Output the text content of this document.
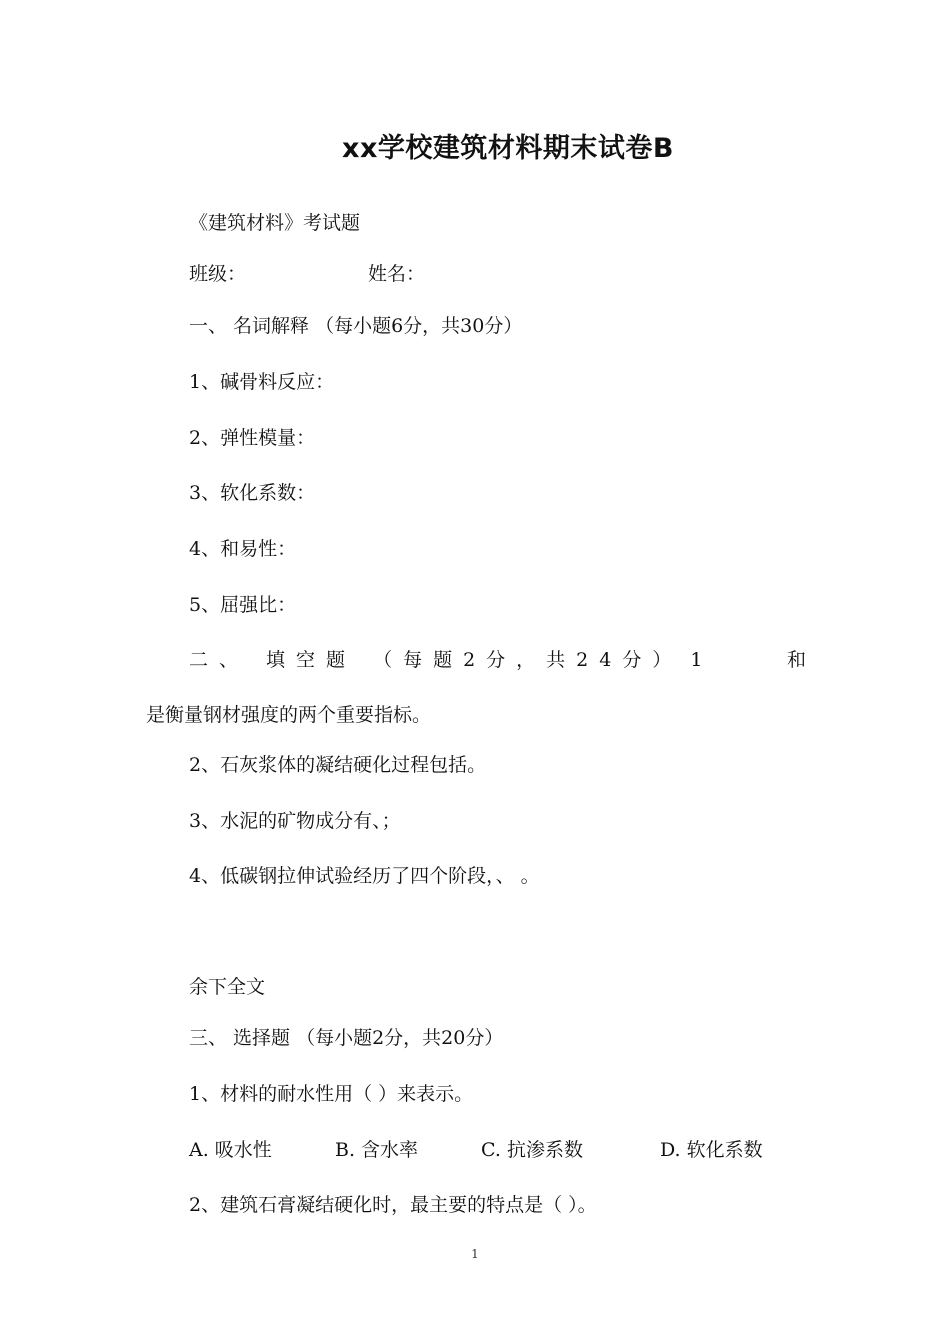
xx学校建筑材料期末试卷B
《建筑材料》考试题
班级：	姓名：
一、 名词解释 （每小题6分，共30分）
1、碱骨料反应：
2、弹性模量：
3、软化系数：
4、和易性：
5、屈强比：
二、 填空题 （每题2分，共24分） 1	和
是衡量钢材强度的两个重要指标。
2、石灰浆体的凝结硬化过程包括。
3、水泥的矿物成分有、；
4、低碳钢拉伸试验经历了四个阶段，、 。
余下全文
三、 选择题 （每小题2分，共20分）
1、材料的耐水性用（ ）来表示。
A. 吸水性	B. 含水率	C. 抗渗系数	D. 软化系数
2、建筑石膏凝结硬化时，最主要的特点是（ ）。
1
